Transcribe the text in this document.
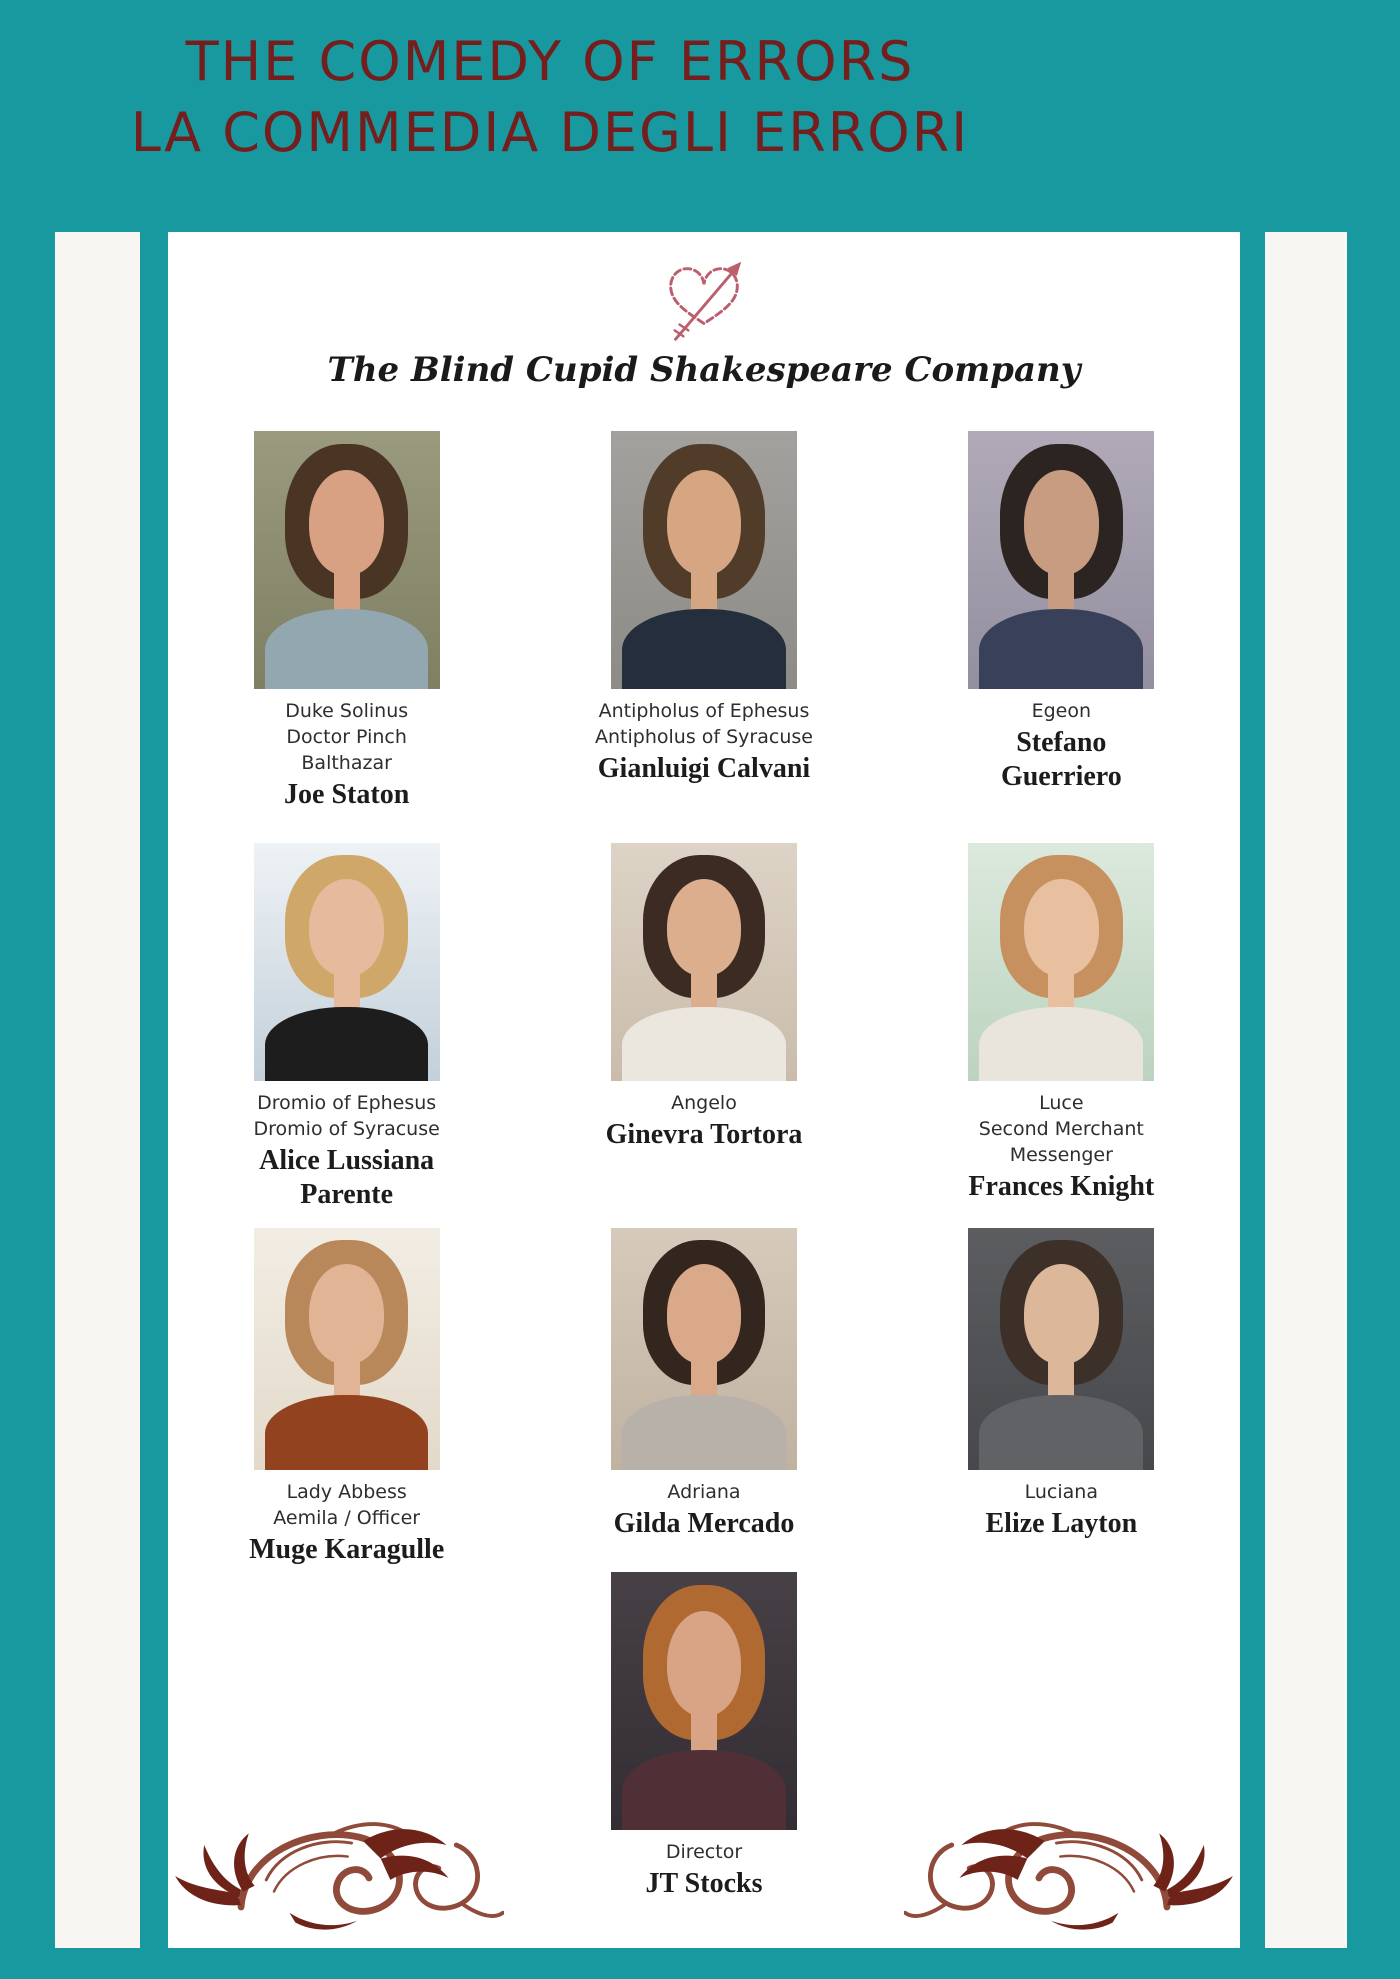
THE COMEDY OF ERRORS
LA COMMEDIA DEGLI ERRORI
The Blind Cupid Shakespeare Company
Duke Solinus
Doctor Pinch
Balthazar
Joe Staton
Antipholus of Ephesus
Antipholus of Syracuse
Gianluigi Calvani
Egeon
Stefano
Guerriero
Dromio of Ephesus
Dromio of Syracuse
Alice Lussiana
Parente
Angelo
Ginevra Tortora
Luce
Second Merchant
Messenger
Frances Knight
Lady Abbess
Aemila / Officer
Muge Karagulle
Adriana
Gilda Mercado
Luciana
Elize Layton
Director
JT Stocks
